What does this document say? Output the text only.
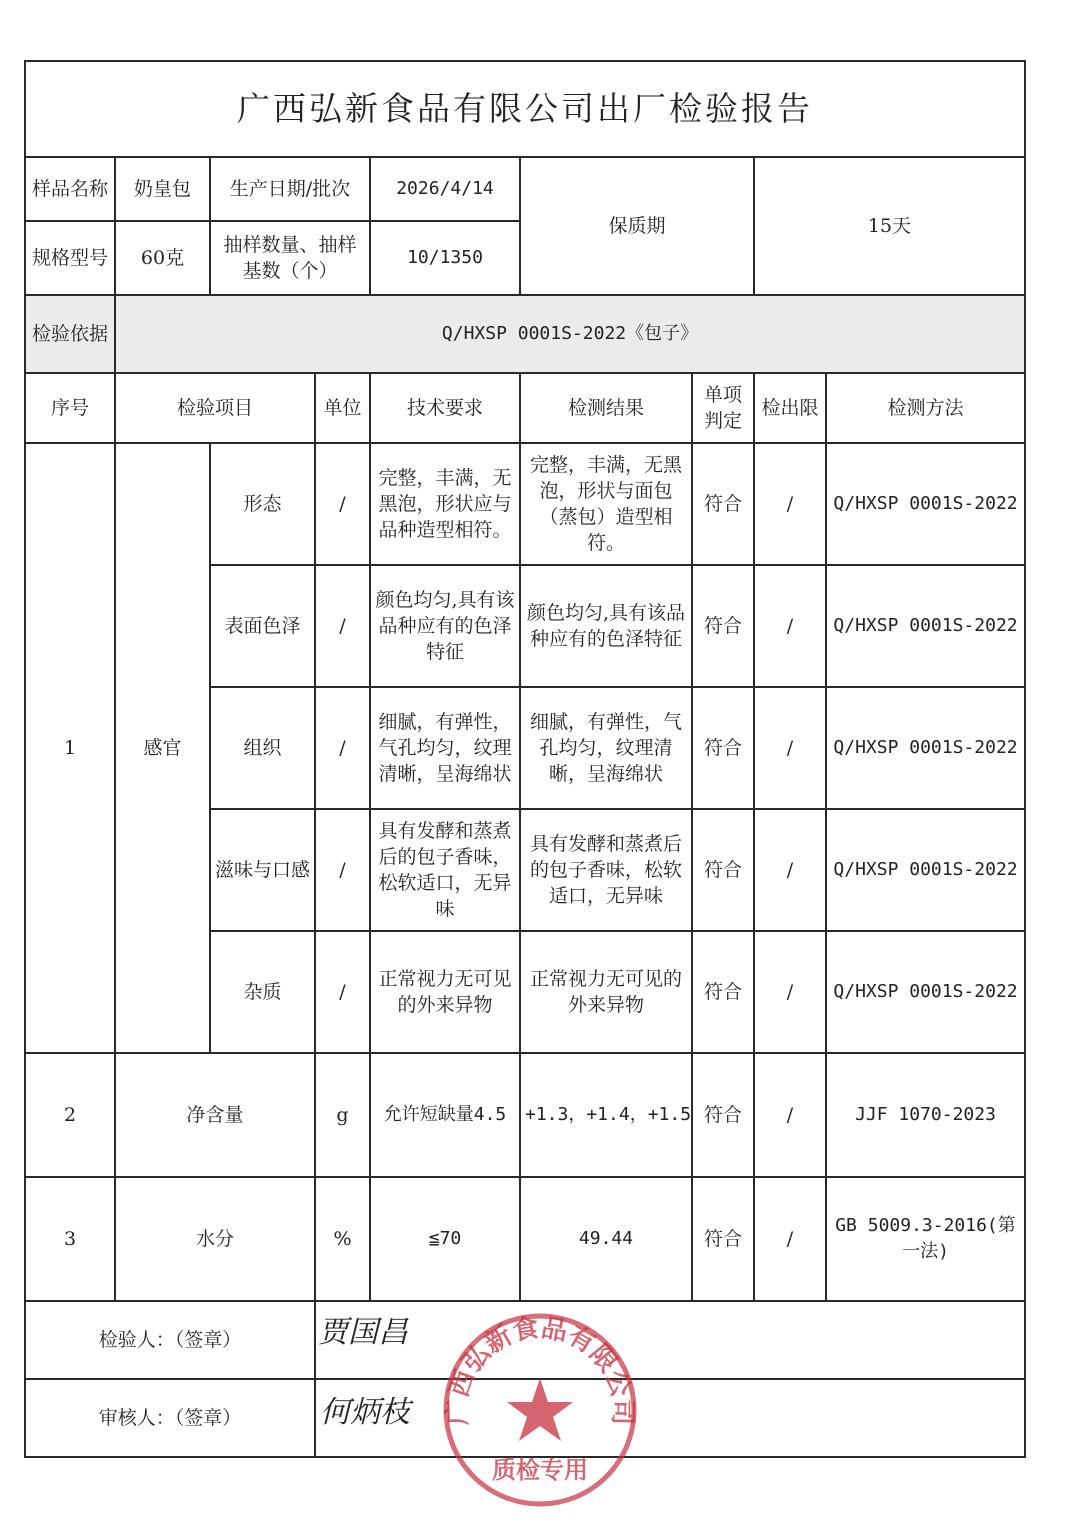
广西弘新食品有限公司出厂检验报告								
样品名称	奶皇包	生产日期/批次		2026/4/14	保质期		15天	
规格型号	60克	抽样数量、抽样基数（个）		10/1350				
检验依据	Q/HXSP 0001S-2022《包子》							
序号	检验项目		单位	技术要求	检测结果	单项判定	检出限	检测方法
1	感官	形态	/	完整，丰满，无黑泡，形状应与品种造型相符。	完整，丰满，无黑泡，形状与面包（蒸包）造型相符。	符合	/	Q/HXSP 0001S-2022
		表面色泽	/	颜色均匀,具有该品种应有的色泽特征	颜色均匀,具有该品种应有的色泽特征	符合	/	Q/HXSP 0001S-2022
		组织	/	细腻，有弹性，气孔均匀，纹理清晰，呈海绵状	细腻，有弹性，气孔均匀，纹理清晰，呈海绵状	符合	/	Q/HXSP 0001S-2022
		滋味与口感	/	具有发酵和蒸煮后的包子香味，松软适口，无异味	具有发酵和蒸煮后的包子香味，松软适口，无异味	符合	/	Q/HXSP 0001S-2022
		杂质	/	正常视力无可见的外来异物	正常视力无可见的外来异物	符合	/	Q/HXSP 0001S-2022
2	净含量		g	允许短缺量4.5	+1.3，+1.4，+1.5	符合	/	JJF 1070-2023
3	水分		%	≦70	49.44	符合	/	GB 5009.3-2016(第一法)
检验人：（签章）			贾国昌					

审核人：（签章）			何炳枝					广西弘新食品有限公司
质检专用
